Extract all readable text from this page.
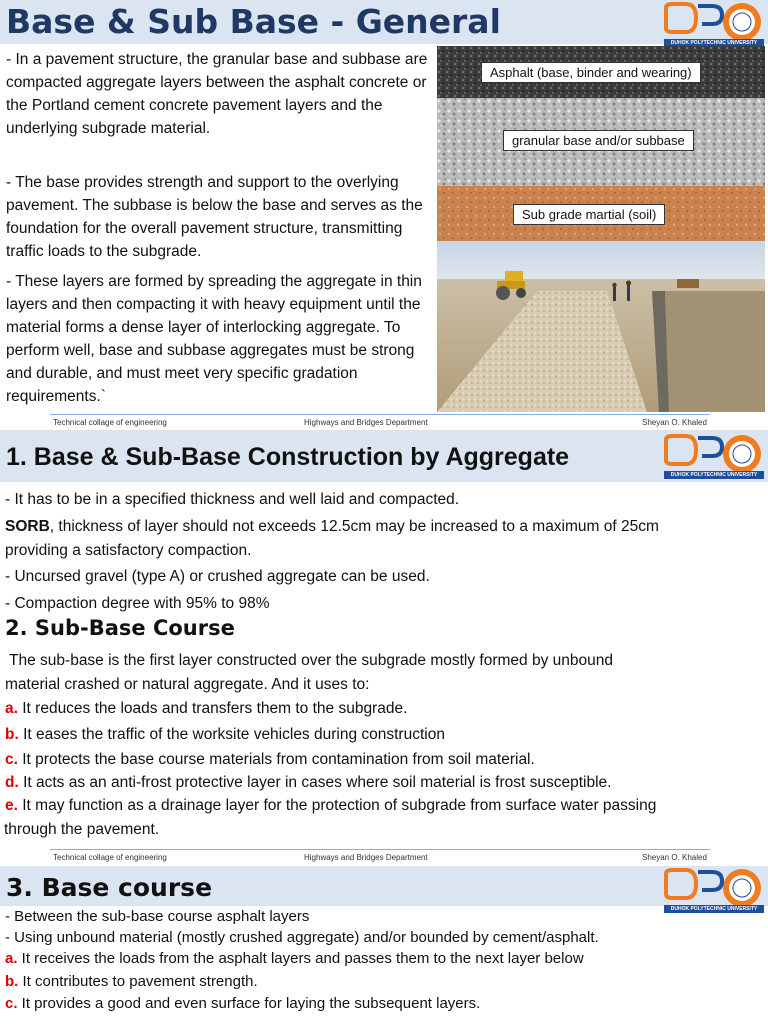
Base & Sub Base - General
DUHOK POLYTECHNIC UNIVERSITY

- In a pavement structure, the granular base and subbase are compacted aggregate layers between the asphalt concrete or the Portland cement concrete pavement layers and the underlying subgrade material.

- The base provides strength and support to the overlying pavement. The subbase is below the base and serves as the foundation for the overall pavement structure, transmitting traffic loads to the subgrade.

- These layers are formed by spreading the aggregate in thin layers and then compacting it with heavy equipment until the material forms a dense layer of interlocking aggregate. To perform well, base and subbase aggregates must be strong and durable, and must meet very specific gradation requirements.`

Asphalt (base, binder and wearing)
granular base and/or subbase
Sub grade martial (soil)
Technical collage of engineering	Highways and Bridges Department	Sheyan O. Khaled
1. Base & Sub-Base Construction by Aggregate
DUHOK POLYTECHNIC UNIVERSITY
- It has to be in a specified thickness and well laid and compacted.
SORB, thickness of layer should not exceeds 12.5cm may be increased to a maximum of 25cm
providing a satisfactory compaction.
- Uncursed gravel (type A) or crushed aggregate can be used.
- Compaction degree with 95% to 98%
2. Sub-Base Course
The sub-base is the first layer constructed over the subgrade mostly formed by unbound
material crashed or natural aggregate. And it uses to:
a. It reduces the loads and transfers them to the subgrade.
b. It eases the traffic of the worksite vehicles during construction
c. It protects the base course materials from contamination from soil material.
d. It acts as an anti-frost protective layer in cases where soil material is frost susceptible.
e. It may function as a drainage layer for the protection of subgrade from surface water passing
through the pavement.
Technical collage of engineering	Highways and Bridges Department	Sheyan O. Khaled
3. Base course
DUHOK POLYTECHNIC UNIVERSITY
- Between the sub-base course asphalt layers
- Using unbound material (mostly crushed aggregate) and/or bounded by cement/asphalt.
a. It receives the loads from the asphalt layers and passes them to the next layer below
b. It contributes to pavement strength.
c. It provides a good and even surface for laying the subsequent layers.
